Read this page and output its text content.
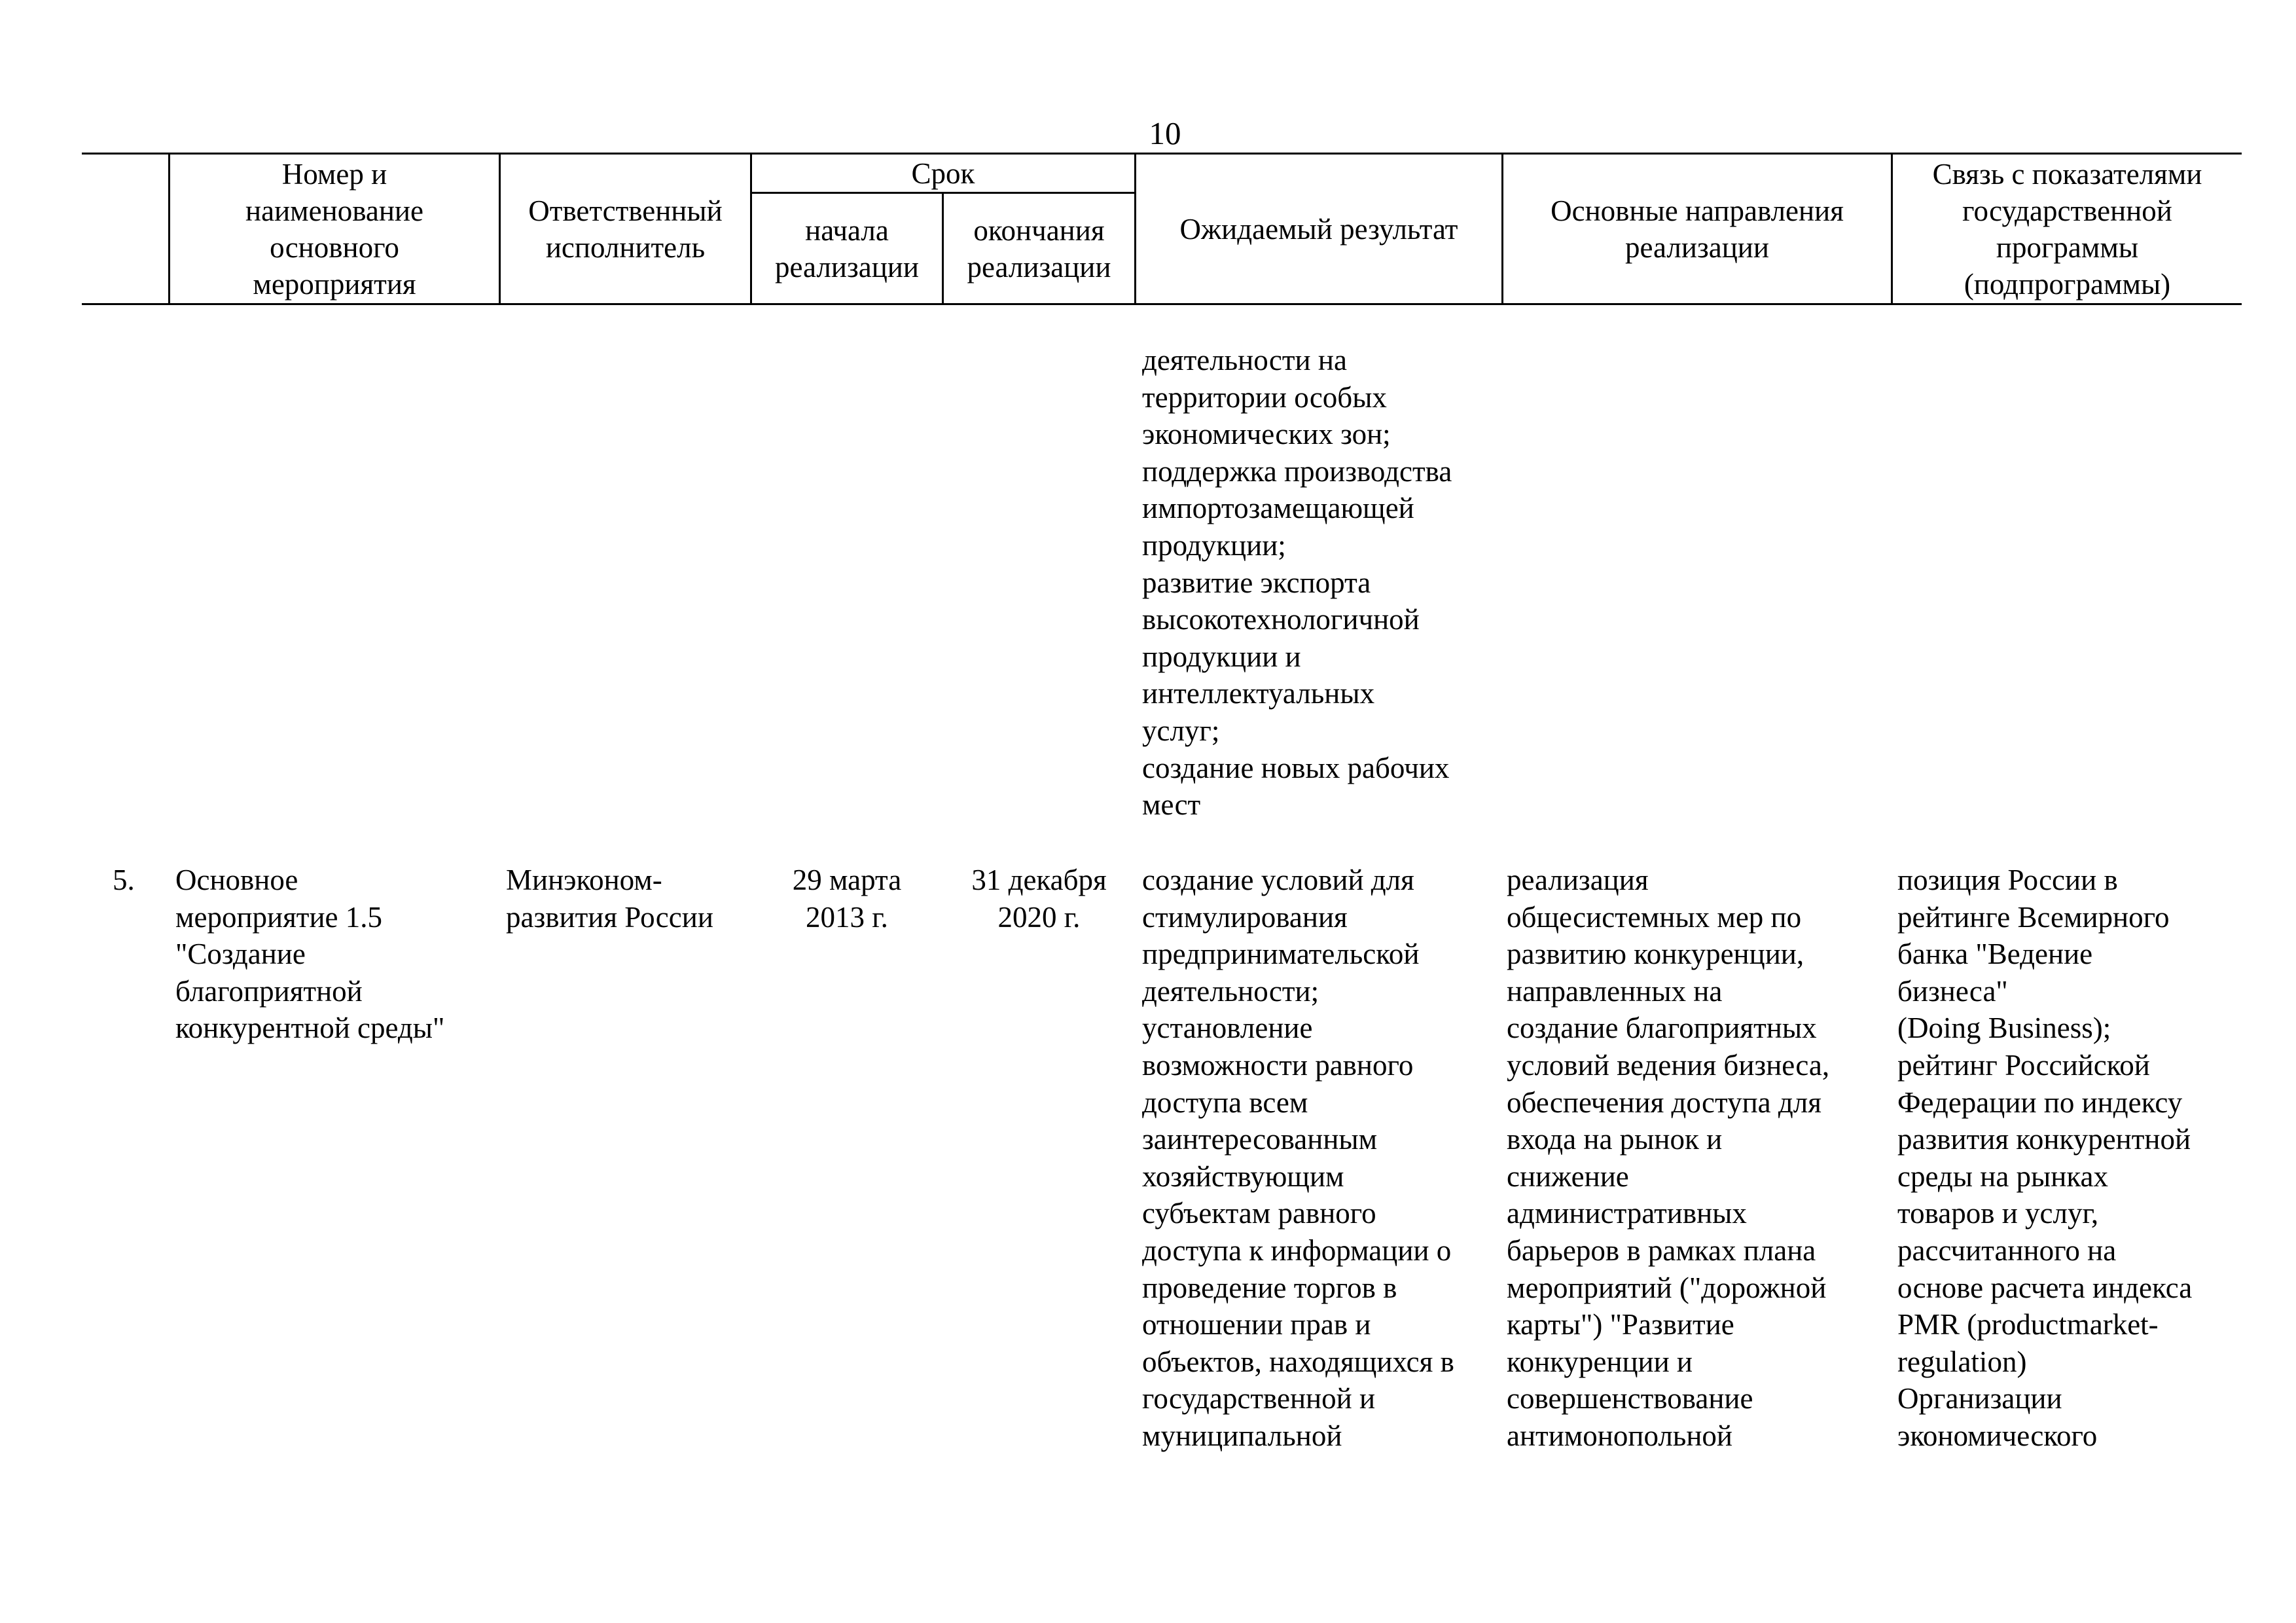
10
Номер и
наименование
основного
мероприятия
Ответственный
исполнитель
Срок
начала
реализации
окончания
реализации
Ожидаемый результат
Основные направления
реализации
Связь с показателями
государственной
программы
(подпрограммы)
деятельности на
территории особых
экономических зон;
поддержка производства
импортозамещающей
продукции;
развитие экспорта
высокотехнологичной
продукции и
интеллектуальных
услуг;
создание новых рабочих
мест
5.	Основное
мероприятие 1.5
"Создание
благоприятной
конкурентной среды"
Минэконом-
развития России
29 марта
2013 г.
31 декабря
2020 г.
создание условий для
стимулирования
предпринимательской
деятельности;
установление
возможности равного
доступа всем
заинтересованным
хозяйствующим
субъектам равного
доступа к информации о
проведение торгов в
отношении прав и
объектов, находящихся в
государственной и
муниципальной
реализация
общесистемных мер по
развитию конкуренции,
направленных на
создание благоприятных
условий ведения бизнеса,
обеспечения доступа для
входа на рынок и
снижение
административных
барьеров в рамках плана
мероприятий ("дорожной
карты") "Развитие
конкуренции и
совершенствование
антимонопольной
позиция России в
рейтинге Всемирного
банка "Ведение
бизнеса"
(Doing Business);
рейтинг Российской
Федерации по индексу
развития конкурентной
среды на рынках
товаров и услуг,
рассчитанного на
основе расчета индекса
PMR (productmarket-
regulation)
Организации
экономического
